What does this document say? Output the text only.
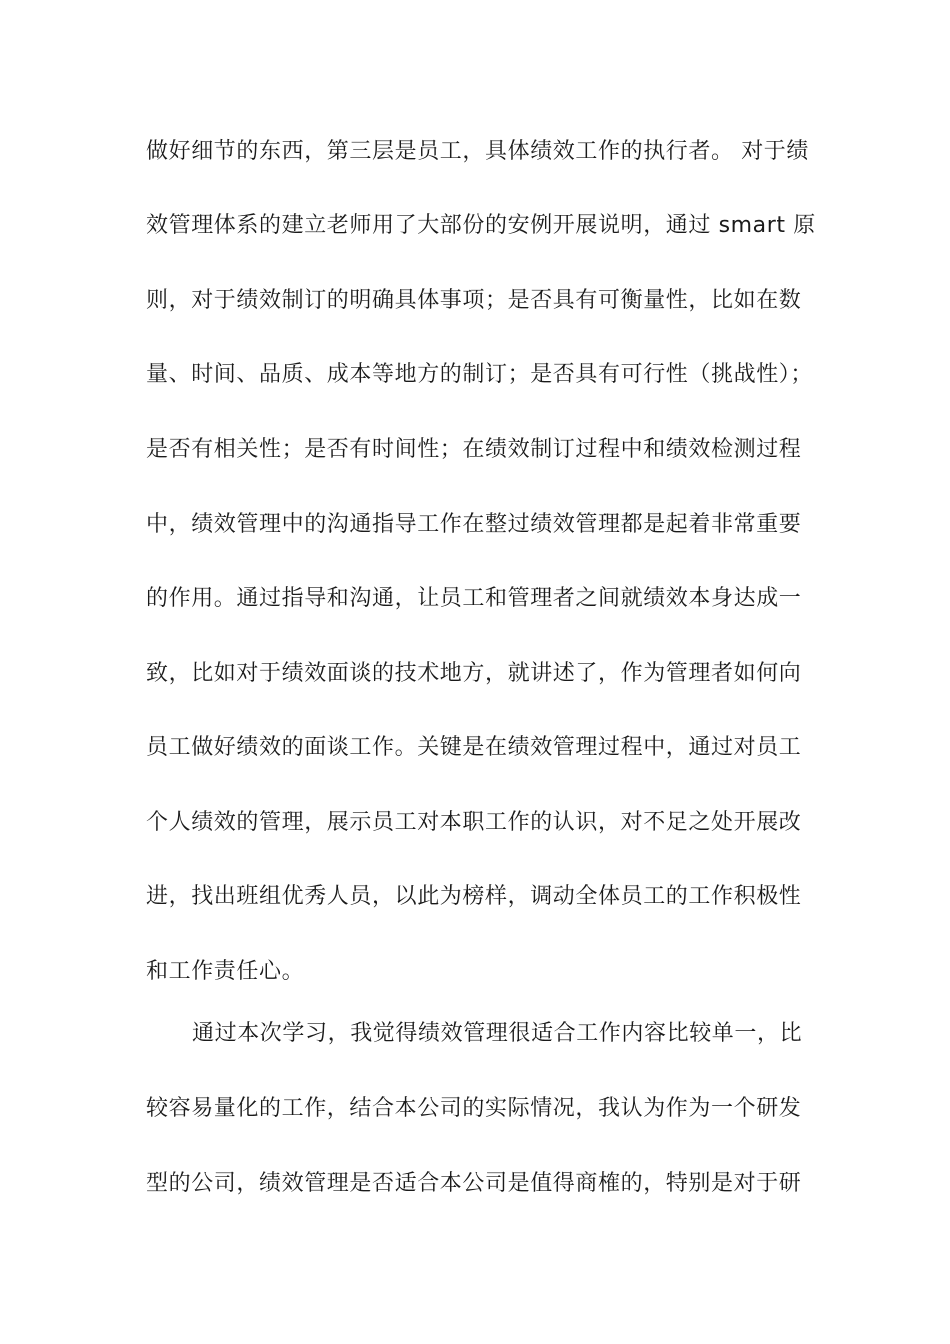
做好细节的东西，第三层是员工，具体绩效工作的执行者。 对于绩
效管理体系的建立老师用了大部份的安例开展说明，通过 smart 原
则，对于绩效制订的明确具体事项；是否具有可衡量性，比如在数
量、时间、品质、成本等地方的制订；是否具有可行性（挑战性）；
是否有相关性；是否有时间性；在绩效制订过程中和绩效检测过程
中，绩效管理中的沟通指导工作在整过绩效管理都是起着非常重要
的作用。通过指导和沟通，让员工和管理者之间就绩效本身达成一
致，比如对于绩效面谈的技术地方，就讲述了，作为管理者如何向
员工做好绩效的面谈工作。关键是在绩效管理过程中，通过对员工
个人绩效的管理，展示员工对本职工作的认识，对不足之处开展改
进，找出班组优秀人员，以此为榜样，调动全体员工的工作积极性
和工作责任心。
通过本次学习，我觉得绩效管理很适合工作内容比较单一，比
较容易量化的工作，结合本公司的实际情况，我认为作为一个研发
型的公司，绩效管理是否适合本公司是值得商榷的，特别是对于研
